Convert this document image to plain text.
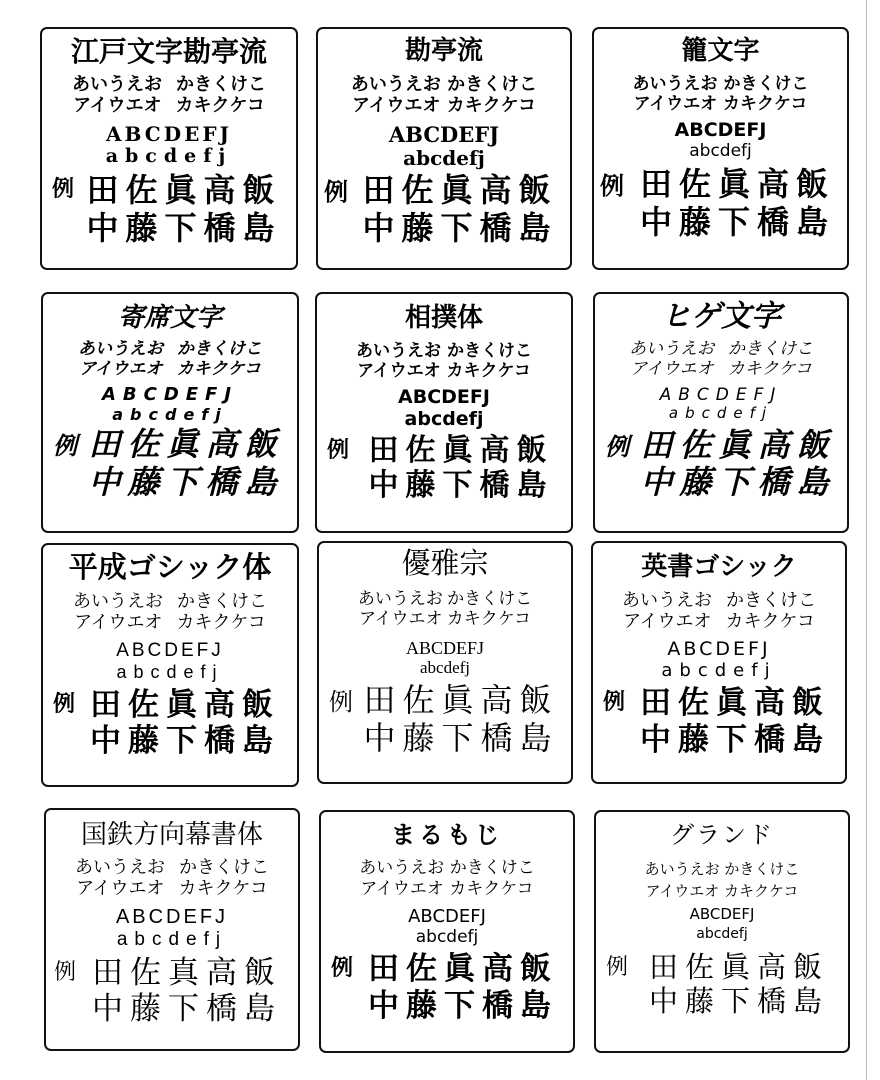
江戸文字勘亭流
あいうえお かきくけこ
アイウエオ カキクケコ
ABCDEFJ
abcdefj
例 田佐眞高飯
中藤下橋島
勘亭流
あいうえお かきくけこ
アイウエオ カキクケコ
ABCDEFJ
abcdefj
例 田佐眞高飯
中藤下橋島
籠文字
あいうえお かきくけこ
アイウエオ カキクケコ
ABCDEFJ
abcdefj
例 田佐眞高飯
中藤下橋島
寄席文字
あいうえお かきくけこ
アイウエオ カキクケコ
ABCDEFJ
abcdefj
例 田佐眞高飯
中藤下橋島
相撲体
あいうえお かきくけこ
アイウエオ カキクケコ
ABCDEFJ
abcdefj
例 田佐眞高飯
中藤下橋島
ヒゲ文字
あいうえお かきくけこ
アイウエオ カキクケコ
ABCDEFJ
abcdefj
例 田佐眞高飯
中藤下橋島
平成ゴシック体
あいうえお かきくけこ
アイウエオ カキクケコ
ABCDEFJ
abcdefj
例 田佐眞高飯
中藤下橋島
優雅宗
あいうえお かきくけこ
アイウエオ カキクケコ
ABCDEFJ
abcdefj
例 田佐眞高飯
中藤下橋島
英書ゴシック
あいうえお かきくけこ
アイウエオ カキクケコ
ABCDEFJ
abcdefj
例 田佐眞高飯
中藤下橋島
国鉄方向幕書体
あいうえお かきくけこ
アイウエオ カキクケコ
ABCDEFJ
abcdefj
例 田佐真高飯
中藤下橋島
まるもじ
あいうえお かきくけこ
アイウエオ カキクケコ
ABCDEFJ
abcdefj
例 田佐眞高飯
中藤下橋島
グランド
あいうえお かきくけこ
アイウエオ カキクケコ
ABCDEFJ
abcdefj
例 田佐眞高飯
中藤下橋島
